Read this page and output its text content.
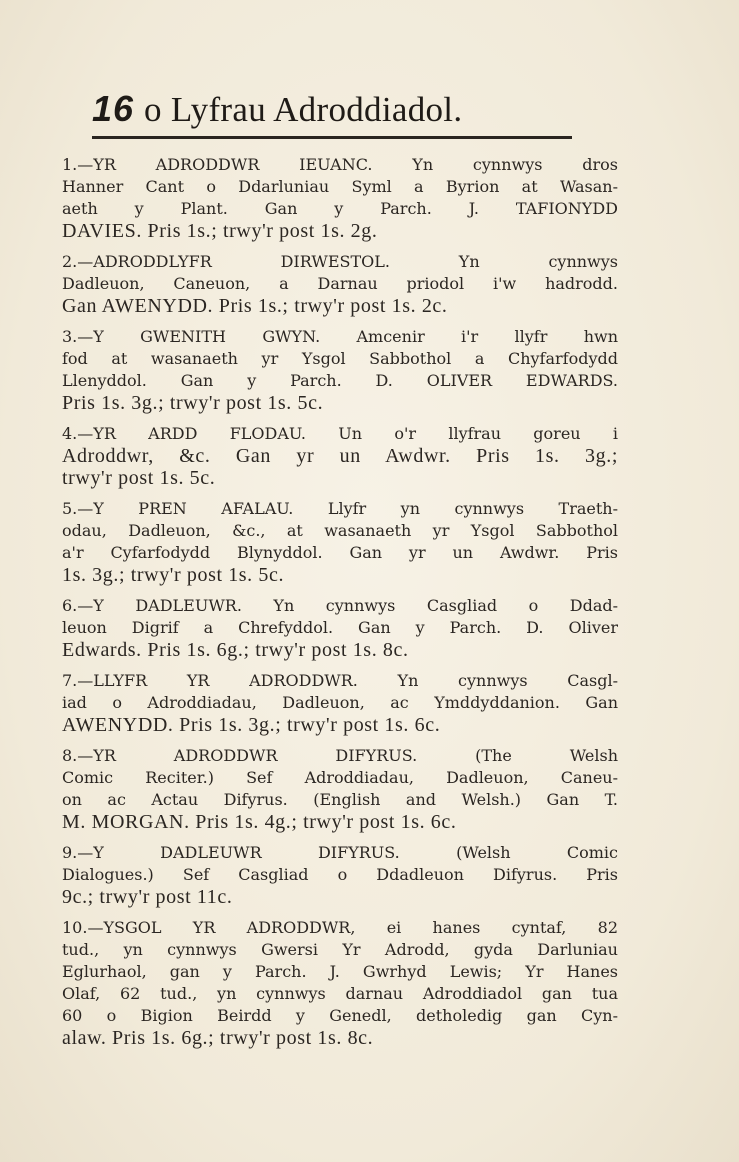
16 o Lyfrau Adroddiadol.
1.—YR ADRODDWR IEUANC. Yn cynnwys dros
Hanner Cant o Ddarluniau Syml a Byrion at Wasan-
aeth y Plant. Gan y Parch. J. TAFIONYDD
DAVIES. Pris 1s.; trwy'r post 1s. 2g.
2.—ADRODDLYFR DIRWESTOL. Yn cynnwys
Dadleuon, Caneuon, a Darnau priodol i'w hadrodd.
Gan AWENYDD. Pris 1s.; trwy'r post 1s. 2c.
3.—Y GWENITH GWYN. Amcenir i'r llyfr hwn
fod at wasanaeth yr Ysgol Sabbothol a Chyfarfodydd
Llenyddol. Gan y Parch. D. OLIVER EDWARDS.
Pris 1s. 3g.; trwy'r post 1s. 5c.
4.—YR ARDD FLODAU. Un o'r llyfrau goreu i
Adroddwr, &c. Gan yr un Awdwr. Pris 1s. 3g.;
trwy'r post 1s. 5c.
5.—Y PREN AFALAU. Llyfr yn cynnwys Traeth-
odau, Dadleuon, &c., at wasanaeth yr Ysgol Sabbothol
a'r Cyfarfodydd Blynyddol. Gan yr un Awdwr. Pris
1s. 3g.; trwy'r post 1s. 5c.
6.—Y DADLEUWR. Yn cynnwys Casgliad o Ddad-
leuon Digrif a Chrefyddol. Gan y Parch. D. Oliver
Edwards. Pris 1s. 6g.; trwy'r post 1s. 8c.
7.—LLYFR YR ADRODDWR. Yn cynnwys Casgl-
iad o Adroddiadau, Dadleuon, ac Ymddyddanion. Gan
AWENYDD. Pris 1s. 3g.; trwy'r post 1s. 6c.
8.—YR ADRODDWR DIFYRUS. (The Welsh
Comic Reciter.) Sef Adroddiadau, Dadleuon, Caneu-
on ac Actau Difyrus. (English and Welsh.) Gan T.
M. MORGAN. Pris 1s. 4g.; trwy'r post 1s. 6c.
9.—Y DADLEUWR DIFYRUS. (Welsh Comic
Dialogues.) Sef Casgliad o Ddadleuon Difyrus. Pris
9c.; trwy'r post 11c.
10.—YSGOL YR ADRODDWR, ei hanes cyntaf, 82
tud., yn cynnwys Gwersi Yr Adrodd, gyda Darluniau
Eglurhaol, gan y Parch. J. Gwrhyd Lewis; Yr Hanes
Olaf, 62 tud., yn cynnwys darnau Adroddiadol gan tua
60 o Bigion Beirdd y Genedl, detholedig gan Cyn-
alaw. Pris 1s. 6g.; trwy'r post 1s. 8c.
